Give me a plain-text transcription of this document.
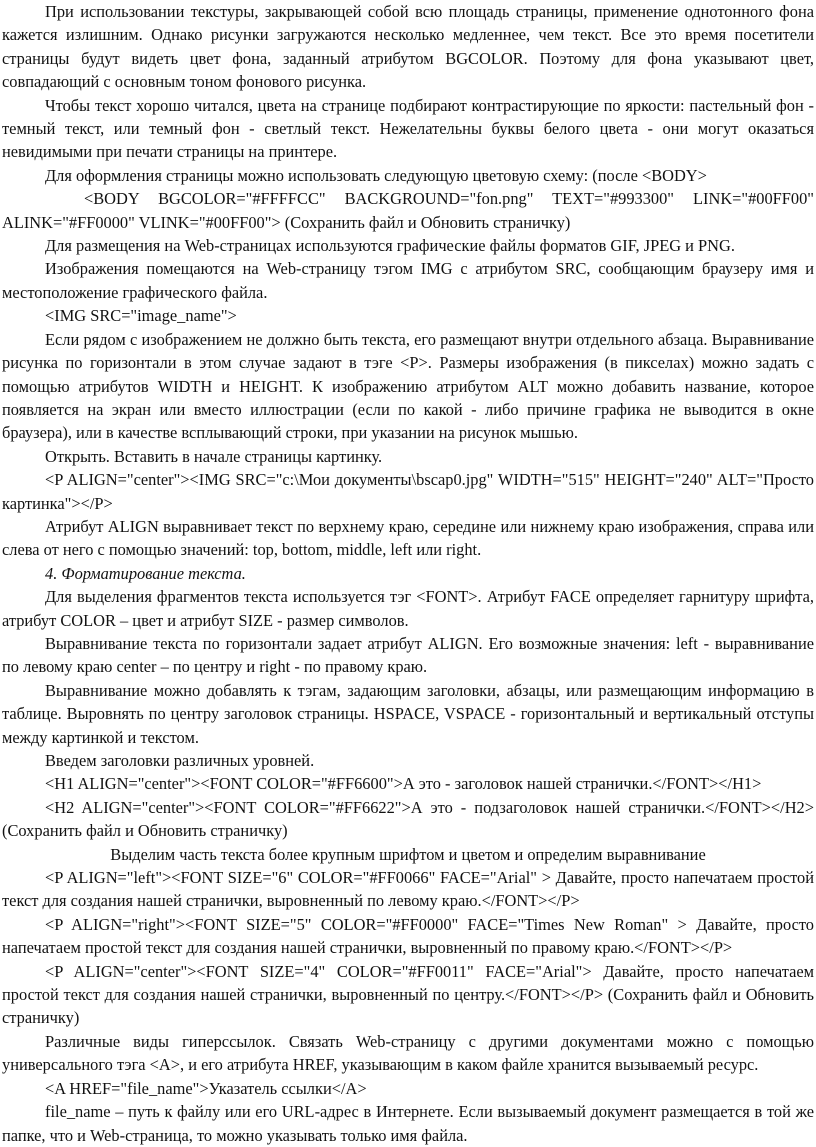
При использовании текстуры, закрывающей собой всю площадь страницы, применение однотонного фона кажется излишним. Однако рисунки загружаются несколько медленнее, чем текст. Все это время посетители страницы будут видеть цвет фона, заданный атрибутом BGCOLOR. Поэтому для фона указывают цвет, совпадающий с основным тоном фонового рисунка.

Чтобы текст хорошо читался, цвета на странице подбирают контрастирующие по яркости: пастельный фон - темный текст, или темный фон - светлый текст. Нежелательны буквы белого цвета - они могут оказаться невидимыми при печати страницы на принтере.

Для оформления страницы можно использовать следующую цветовую схему: (после <BODY>

<BODY BGCOLOR="#FFFFCC" BACKGROUND="fon.png" TEXT="#993300" LINK="#00FF00" ALINK="#FF0000" VLINK="#00FF00"> (Сохранить файл и Обновить страничку)

Для размещения на Web-страницах используются графические файлы форматов GIF, JPEG и PNG.

Изображения помещаются на Web-страницу тэгом IMG с атрибутом SRC, сообщающим браузеру имя и местоположение графического файла.

<IMG SRC="image_name">

Если рядом с изображением не должно быть текста, его размещают внутри отдельного абзаца. Выравнивание рисунка по горизонтали в этом случае задают в тэге <P>. Размеры изображения (в пикселах) можно задать с помощью атрибутов WIDTH и HEIGHT. К изображению атрибутом ALT можно добавить название, которое появляется на экран или вместо иллюстрации (если по какой - либо причине графика не выводится в окне браузера), или в качестве всплывающий строки, при указании на рисунок мышью.

Открыть. Вставить в начале страницы картинку.

<P ALIGN="center"><IMG SRC="c:\Мои документы\bscap0.jpg" WIDTH="515" HEIGHT="240" ALT="Просто картинка"></P>

Атрибут ALIGN выравнивает текст по верхнему краю, середине или нижнему краю изображения, справа или слева от него с помощью значений: top, bottom, middle, left или right.

4. Форматирование текста.

Для выделения фрагментов текста используется тэг <FONT>. Атрибут FACE определяет гарнитуру шрифта, атрибут COLOR – цвет и атрибут SIZE - размер символов.

Выравнивание текста по горизонтали задает атрибут ALIGN. Его возможные значения: left - выравнивание по левому краю center – по центру и right - по правому краю.

Выравнивание можно добавлять к тэгам, задающим заголовки, абзацы, или размещающим информацию в таблице. Выровнять по центру заголовок страницы. HSPACE, VSPACE - горизонтальный и вертикальный отступы между картинкой и текстом.

Введем заголовки различных уровней.

<H1 ALIGN="center"><FONT COLOR="#FF6600">А это - заголовок нашей странички.</FONT></H1>

<H2 ALIGN="center"><FONT COLOR="#FF6622">А это - подзаголовок нашей странички.</FONT></H2> (Сохранить файл и Обновить страничку)

Выделим часть текста более крупным шрифтом и цветом и определим выравнивание

<P ALIGN="left"><FONT SIZE="6" COLOR="#FF0066" FACE="Arial" > Давайте, просто напечатаем простой текст для создания нашей странички, выровненный по левому краю.</FONT></P>

<P ALIGN="right"><FONT SIZE="5" COLOR="#FF0000" FACE="Times New Roman" > Давайте, просто напечатаем простой текст для создания нашей странички, выровненный по правому краю.</FONT></P>

<P ALIGN="center"><FONT SIZE="4" COLOR="#FF0011" FACE="Arial"> Давайте, просто напечатаем простой текст для создания нашей странички, выровненный по центру.</FONT></P> (Сохранить файл и Обновить страничку)

Различные виды гиперссылок. Связать Web-страницу с другими документами можно с помощью универсального тэга <A>, и его атрибута HREF, указывающим в каком файле хранится вызываемый ресурс.

<A HREF="file_name">Указатель ссылки</A>

file_name – путь к файлу или его URL-адрес в Интернете. Если вызываемый документ размещается в той же папке, что и Web-страница, то можно указывать только имя файла.
